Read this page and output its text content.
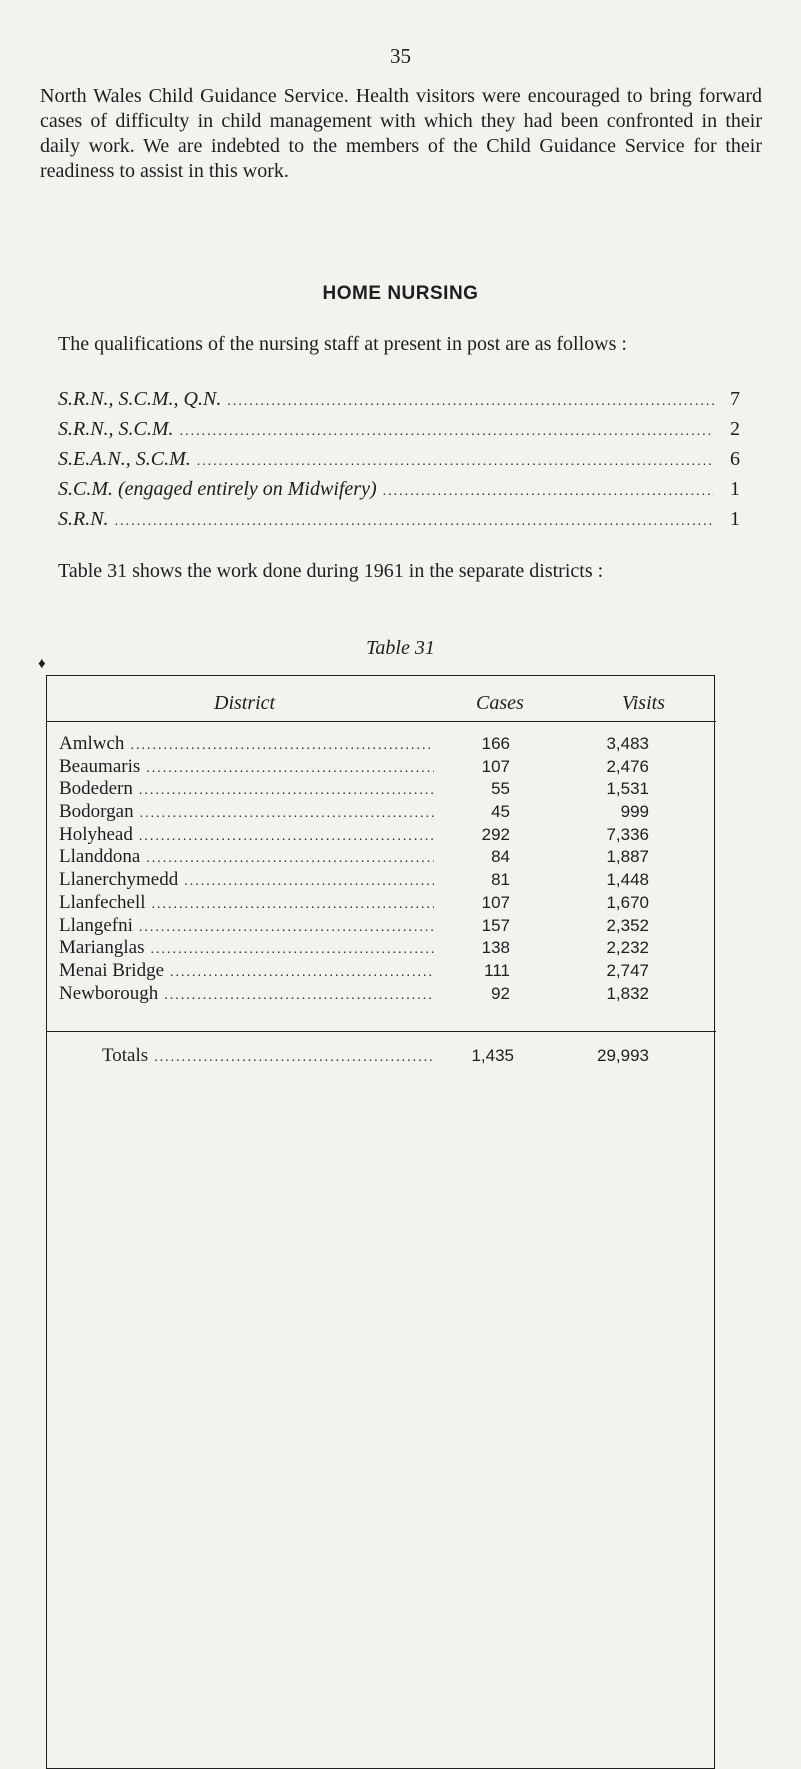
35

North Wales Child Guidance Service. Health visitors were encouraged to bring forward cases of difficulty in child management with which they had been confronted in their daily work. We are indebted to the members of the Child Guidance Service for their readiness to assist in this work.

HOME NURSING

The qualifications of the nursing staff at present in post are as follows :

S.R.N., S.C.M., Q.N. .....	7
S.R.N., S.C.M. .....	2
S.E.A.N., S.C.M. .....	6
S.C.M. (engaged entirely on Midwifery) .....	1
S.R.N. .....	1

Table 31 shows the work done during 1961 in the separate districts :

Table 31
♦
District	Cases	Visits
Amlwch .....	166	3,483
Beaumaris .....	107	2,476
Bodedern .....	55	1,531
Bodorgan .....	45	999
Holyhead .....	292	7,336
Llanddona .....	84	1,887
Llanerchymedd .....	81	1,448
Llanfechell .....	107	1,670
Llangefni .....	157	2,352
Marianglas .....	138	2,232
Menai Bridge .....	111	2,747
Newborough .....	92	1,832
Totals .....	1,435	29,993
